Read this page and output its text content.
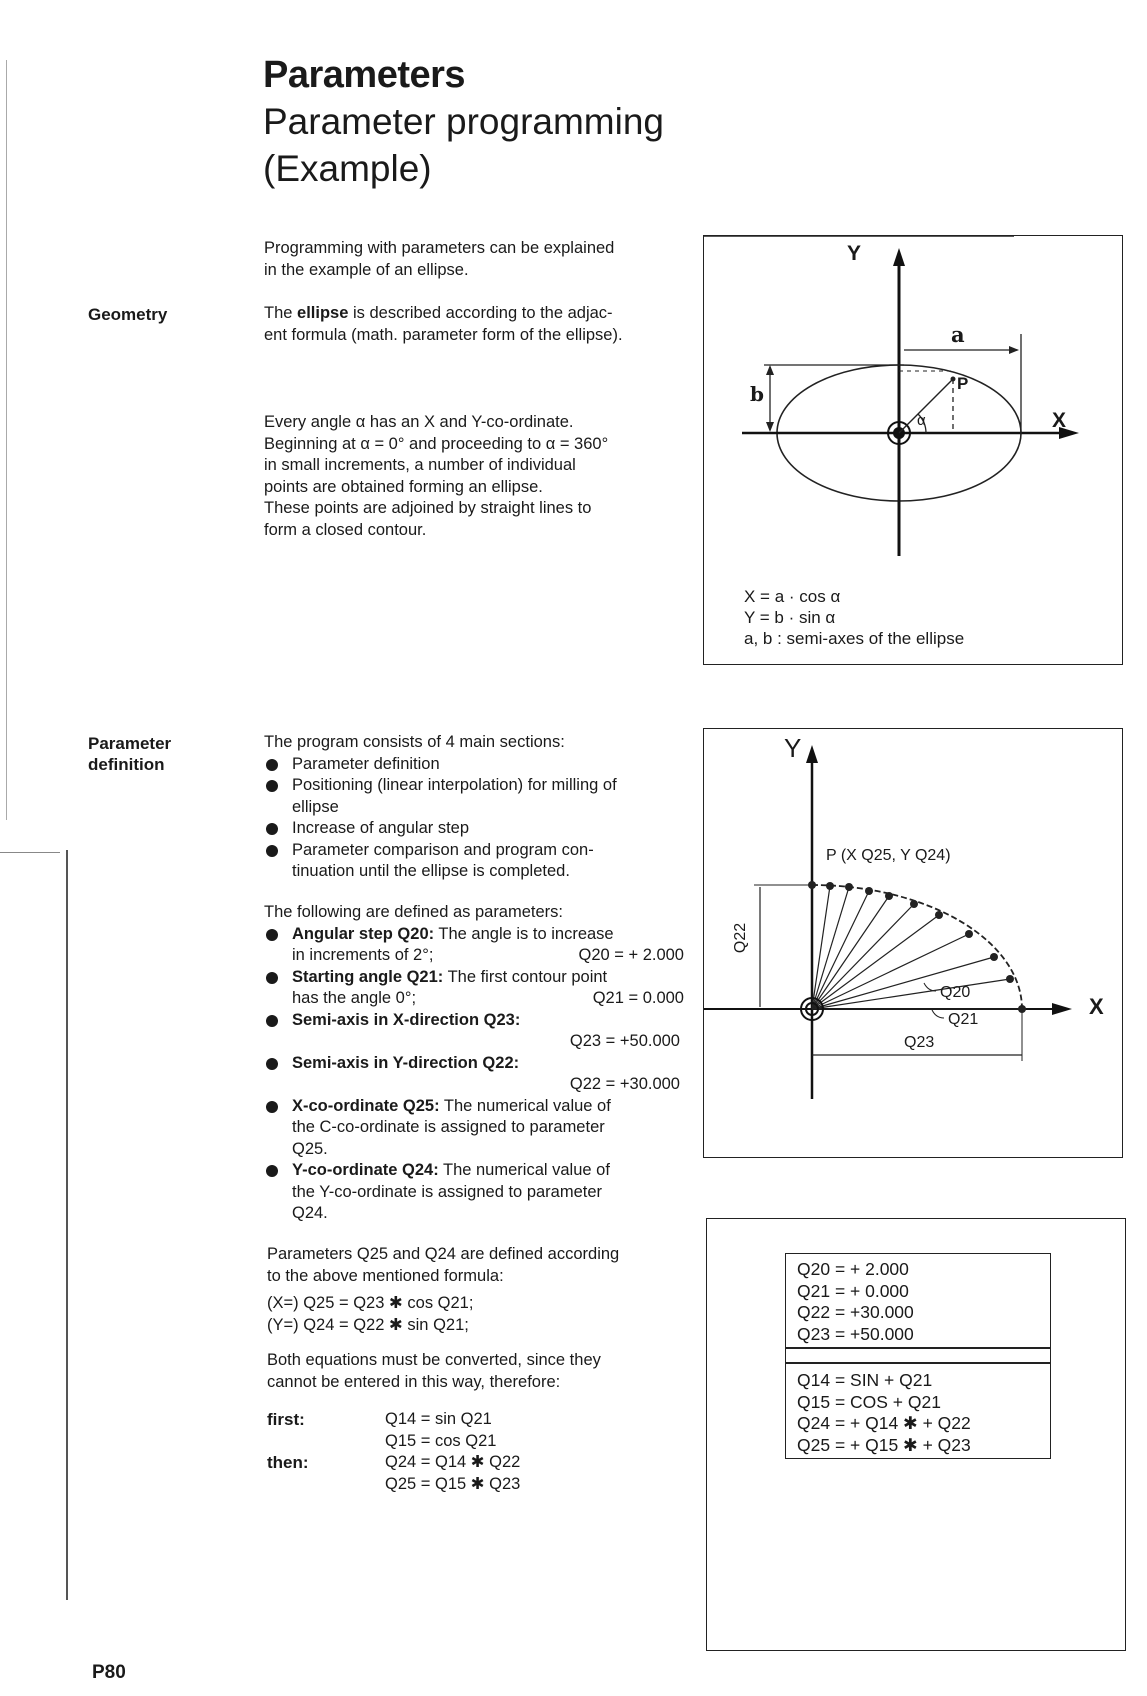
Parameters
Parameter programming
(Example)
Geometry
Programming with parameters can be explained
in the example of an ellipse.
The ellipse is described according to the adjac-
ent formula (math. parameter form of the ellipse).
Every angle α has an X and Y-co-ordinate.
Beginning at α = 0° and proceeding to α = 360°
in small increments, a number of individual
points are obtained forming an ellipse.
These points are adjoined by straight lines to
form a closed contour.
Y
X
a
b	P
α
X = a · cos α
Y = b · sin α
a, b : semi-axes of the ellipse
Parameter
definition
The program consists of 4 main sections:
Parameter definition
Positioning (linear interpolation) for milling of
ellipse
Increase of angular step
Parameter comparison and program con-
tinuation until the ellipse is completed.
The following are defined as parameters:
Angular step Q20: The angle is to increase
in increments of 2°;	Q20 = + 2.000
Starting angle Q21: The first contour point
has the angle 0°;	Q21 = 0.000
Semi-axis in X-direction Q23:
Q23 = +50.000
Semi-axis in Y-direction Q22:
Q22 = +30.000
X-co-ordinate Q25: The numerical value of
the C-co-ordinate is assigned to parameter
Q25.
Y-co-ordinate Q24: The numerical value of
the Y-co-ordinate is assigned to parameter
Q24.
Parameters Q25 and Q24 are defined according
to the above mentioned formula:
(X=) Q25 = Q23 ✱ cos Q21;
(Y=) Q24 = Q22 ✱ sin Q21;
Both equations must be converted, since they
cannot be entered in this way, therefore:
first:	Q14 = sin Q21
Q15 = cos Q21
then:	Q24 = Q14 ✱ Q22
Q25 = Q15 ✱ Q23
Y
X
P (X Q25, Y Q24)
Q22
Q20
Q21
Q23
Q20 = + 2.000
Q21 = + 0.000
Q22 = +30.000
Q23 = +50.000
Q14 = SIN + Q21
Q15 = COS + Q21
Q24 = + Q14 ✱ + Q22
Q25 = + Q15 ✱ + Q23
P80
